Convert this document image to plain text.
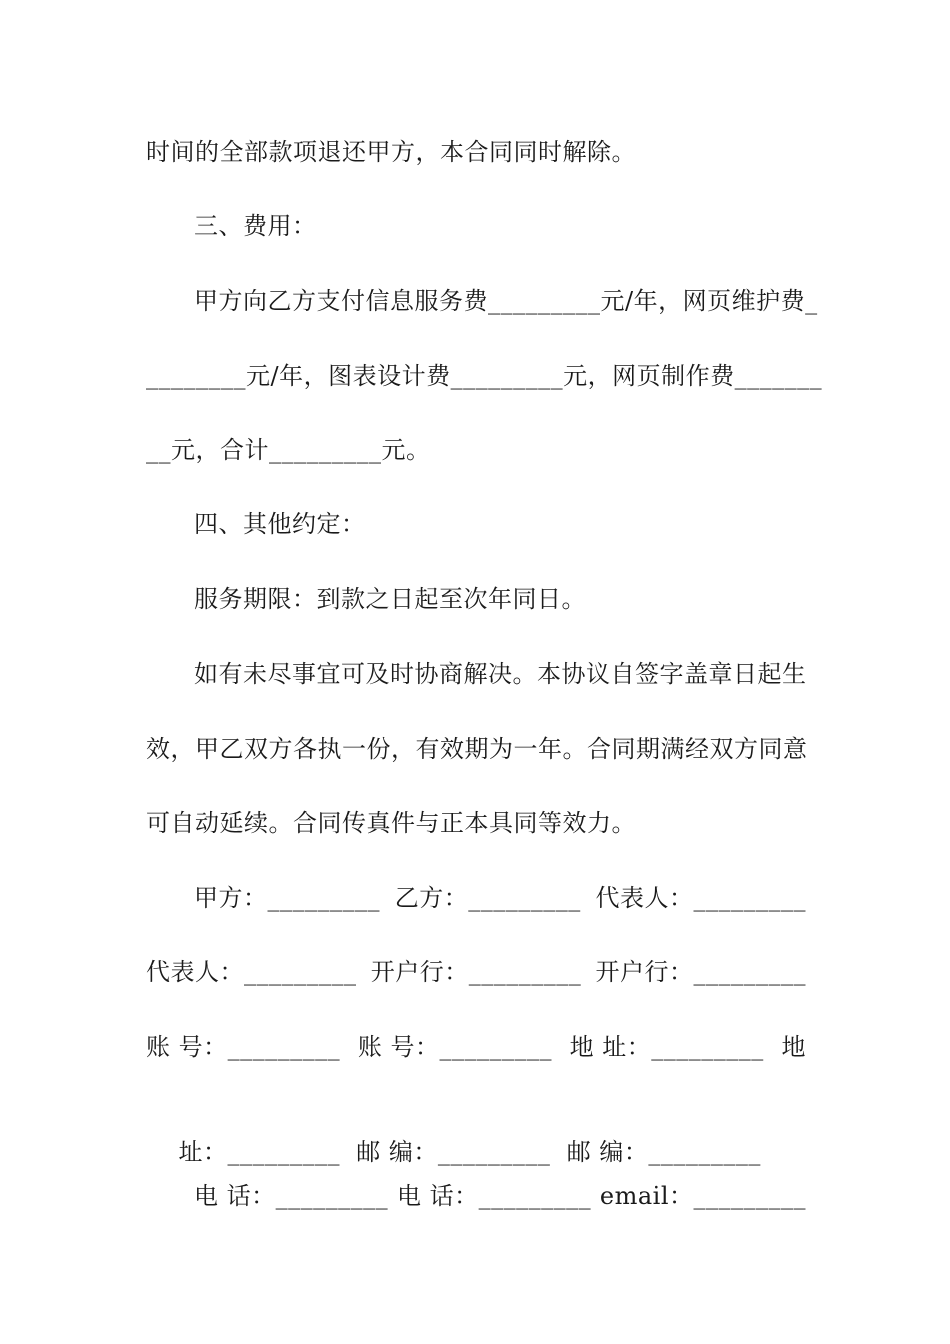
时间的全部款项退还甲方，本合同同时解除。
三、费用：
甲方向乙方支付信息服务费_________元/年，网页维护费_
________元/年，图表设计费_________元，网页制作费_______
__元，合计_________元。
四、其他约定：
服务期限：到款之日起至次年同日。
如有未尽事宜可及时协商解决。本协议自签字盖章日起生
效，甲乙双方各执一份，有效期为一年。合同期满经双方同意
可自动延续。合同传真件与正本具同等效力。
甲方：_________ 乙方：_________ 代表人：_________
代表人：_________ 开户行：_________ 开户行：_________
账 号：_________ 账 号：_________ 地 址：_________ 地

址：_________ 邮 编：_________ 邮 编：_________

电 话：_________ 电 话：_________ email：_________
